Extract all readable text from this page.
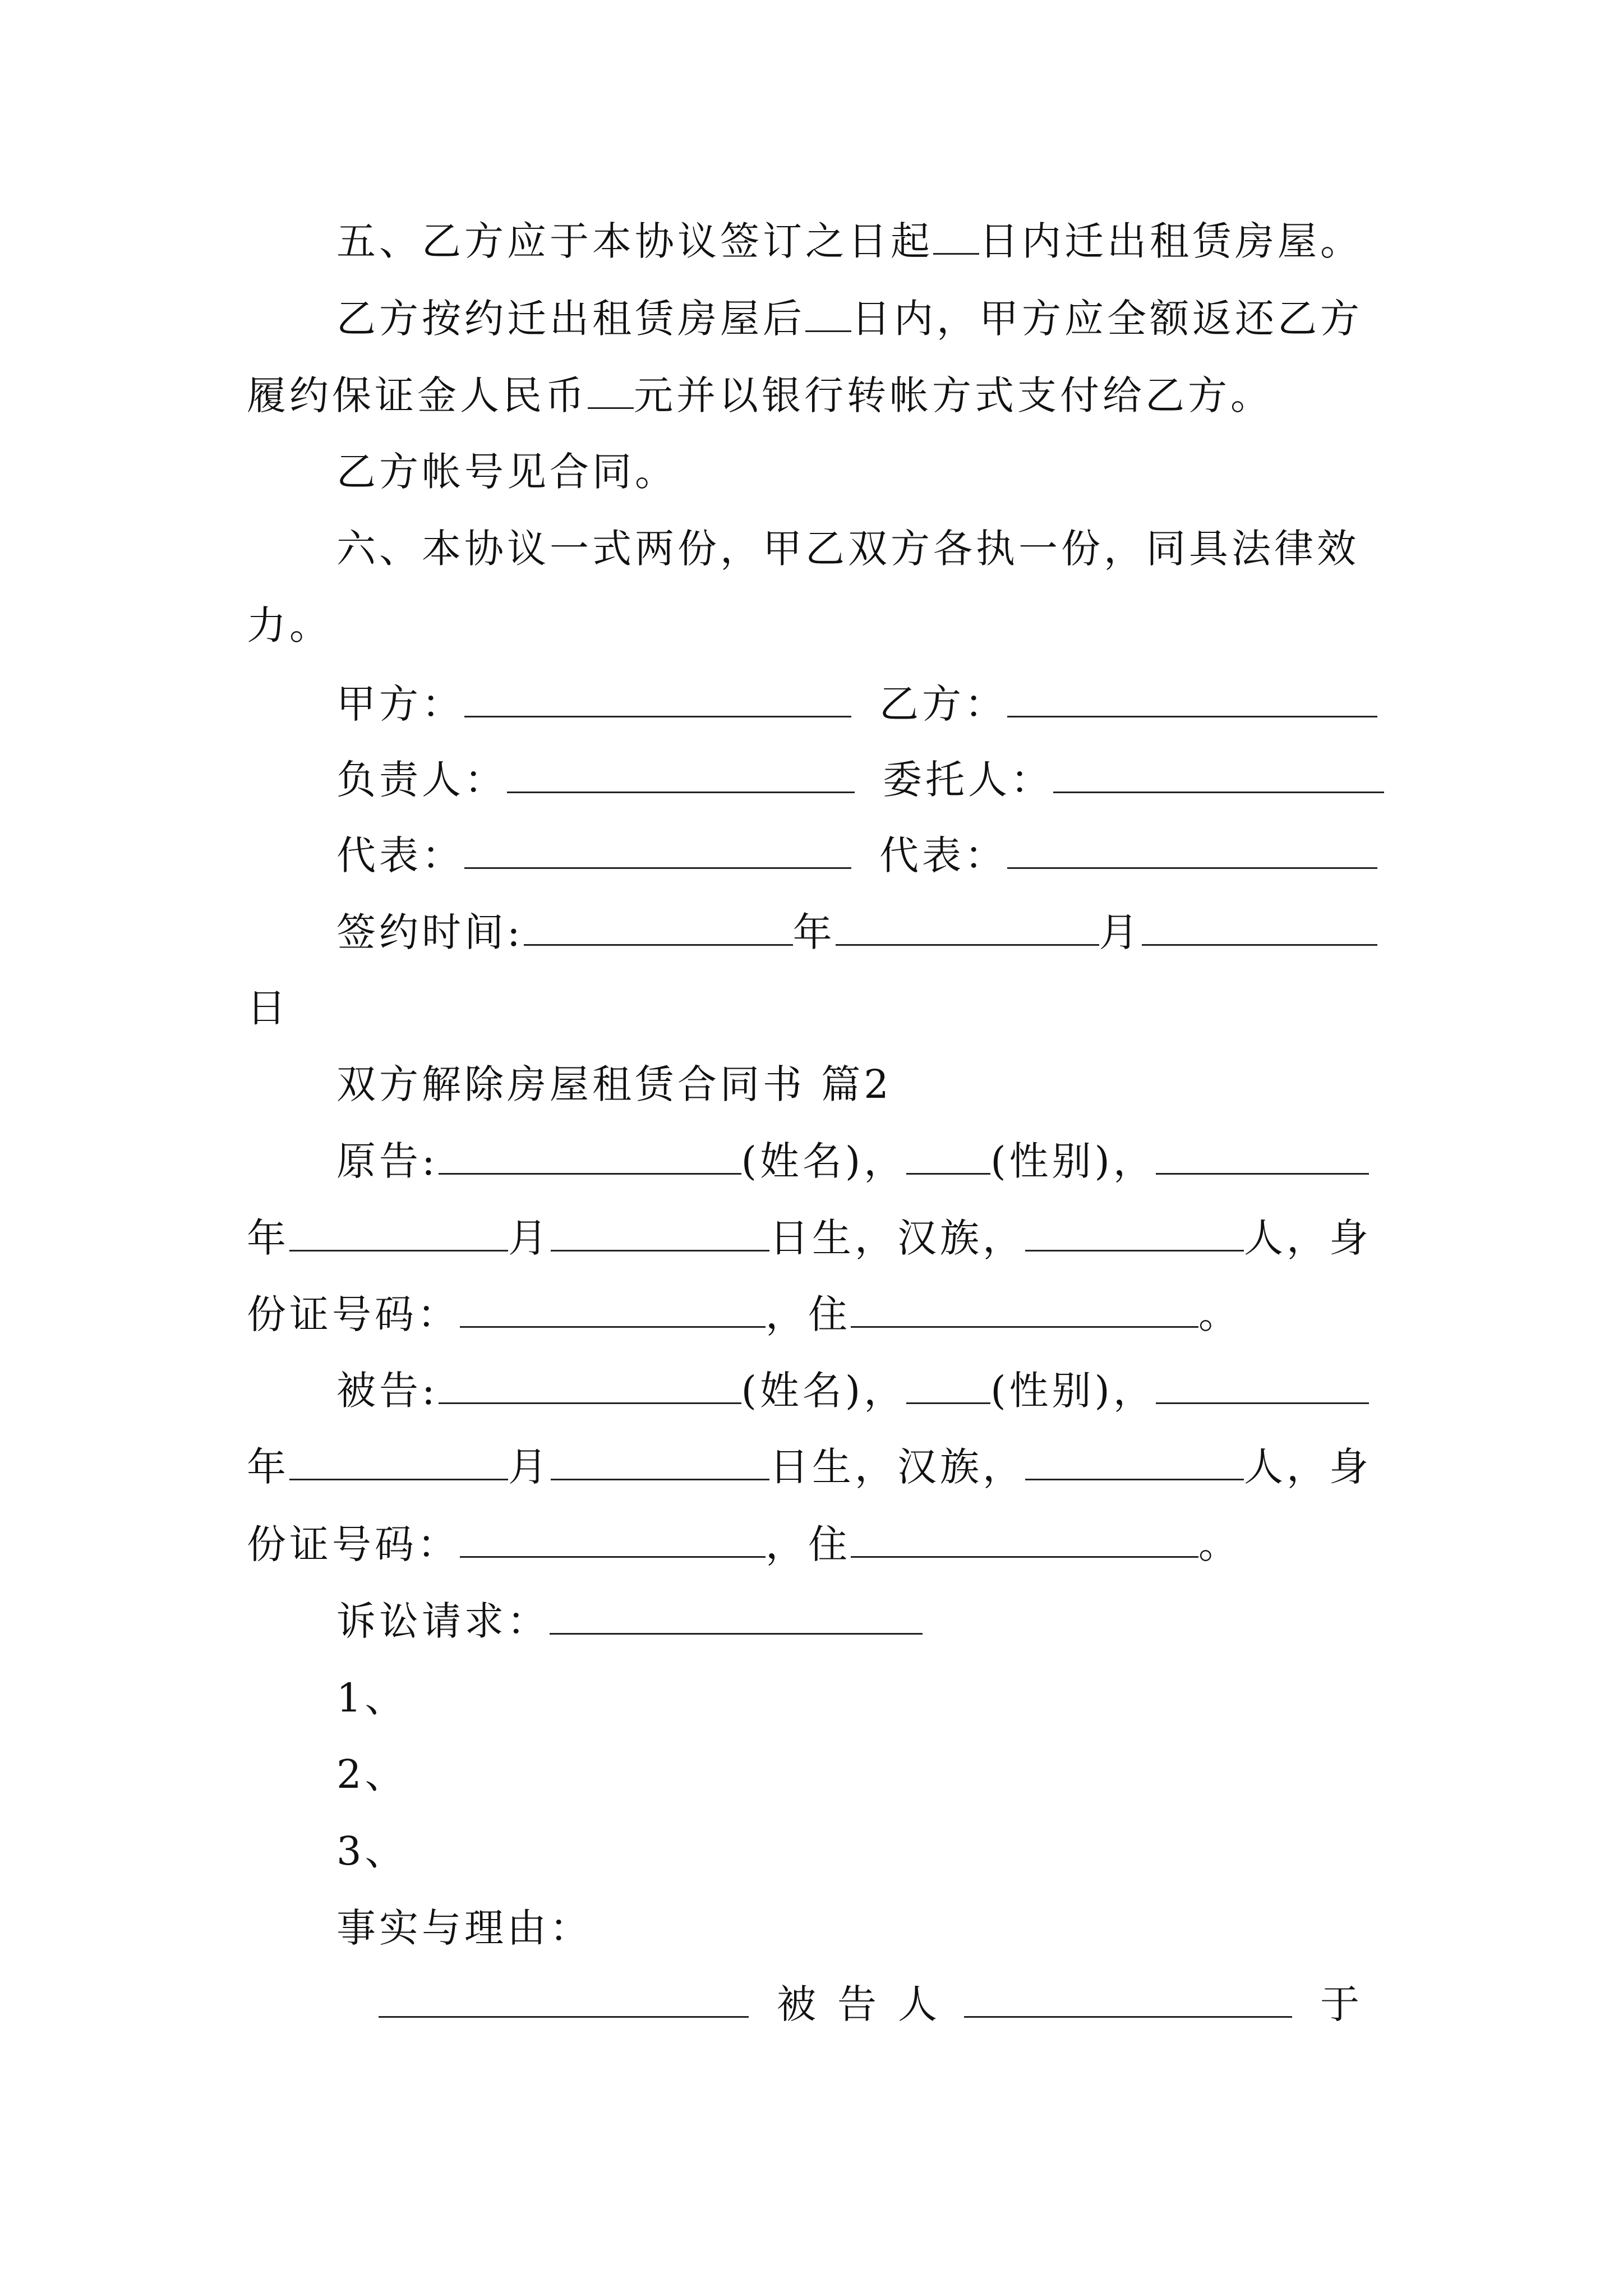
五、乙方应于本协议签订之日起 日内迁出租赁房屋。
乙方按约迁出租赁房屋后 日内，甲方应全额返还乙方
履约保证金人民币 元并以银行转帐方式支付给乙方。
乙方帐号见合同。
六、本协议一式两份，甲乙双方各执一份，同具法律效
力。
甲方：	乙方：
负责人：	委托人：
代表：	代表：
签约时间:	年	月
日
双方解除房屋租赁合同书 篇2
原告:	(姓名)， (性别)，
年	月	日生，汉族，	人，身
份证号码：	，住	。
被告:	(姓名)， (性别)，
年	月	日生，汉族，	人，身
份证号码：	，住	。
诉讼请求：
1、
2、
3、
事实与理由：
被告人	于
